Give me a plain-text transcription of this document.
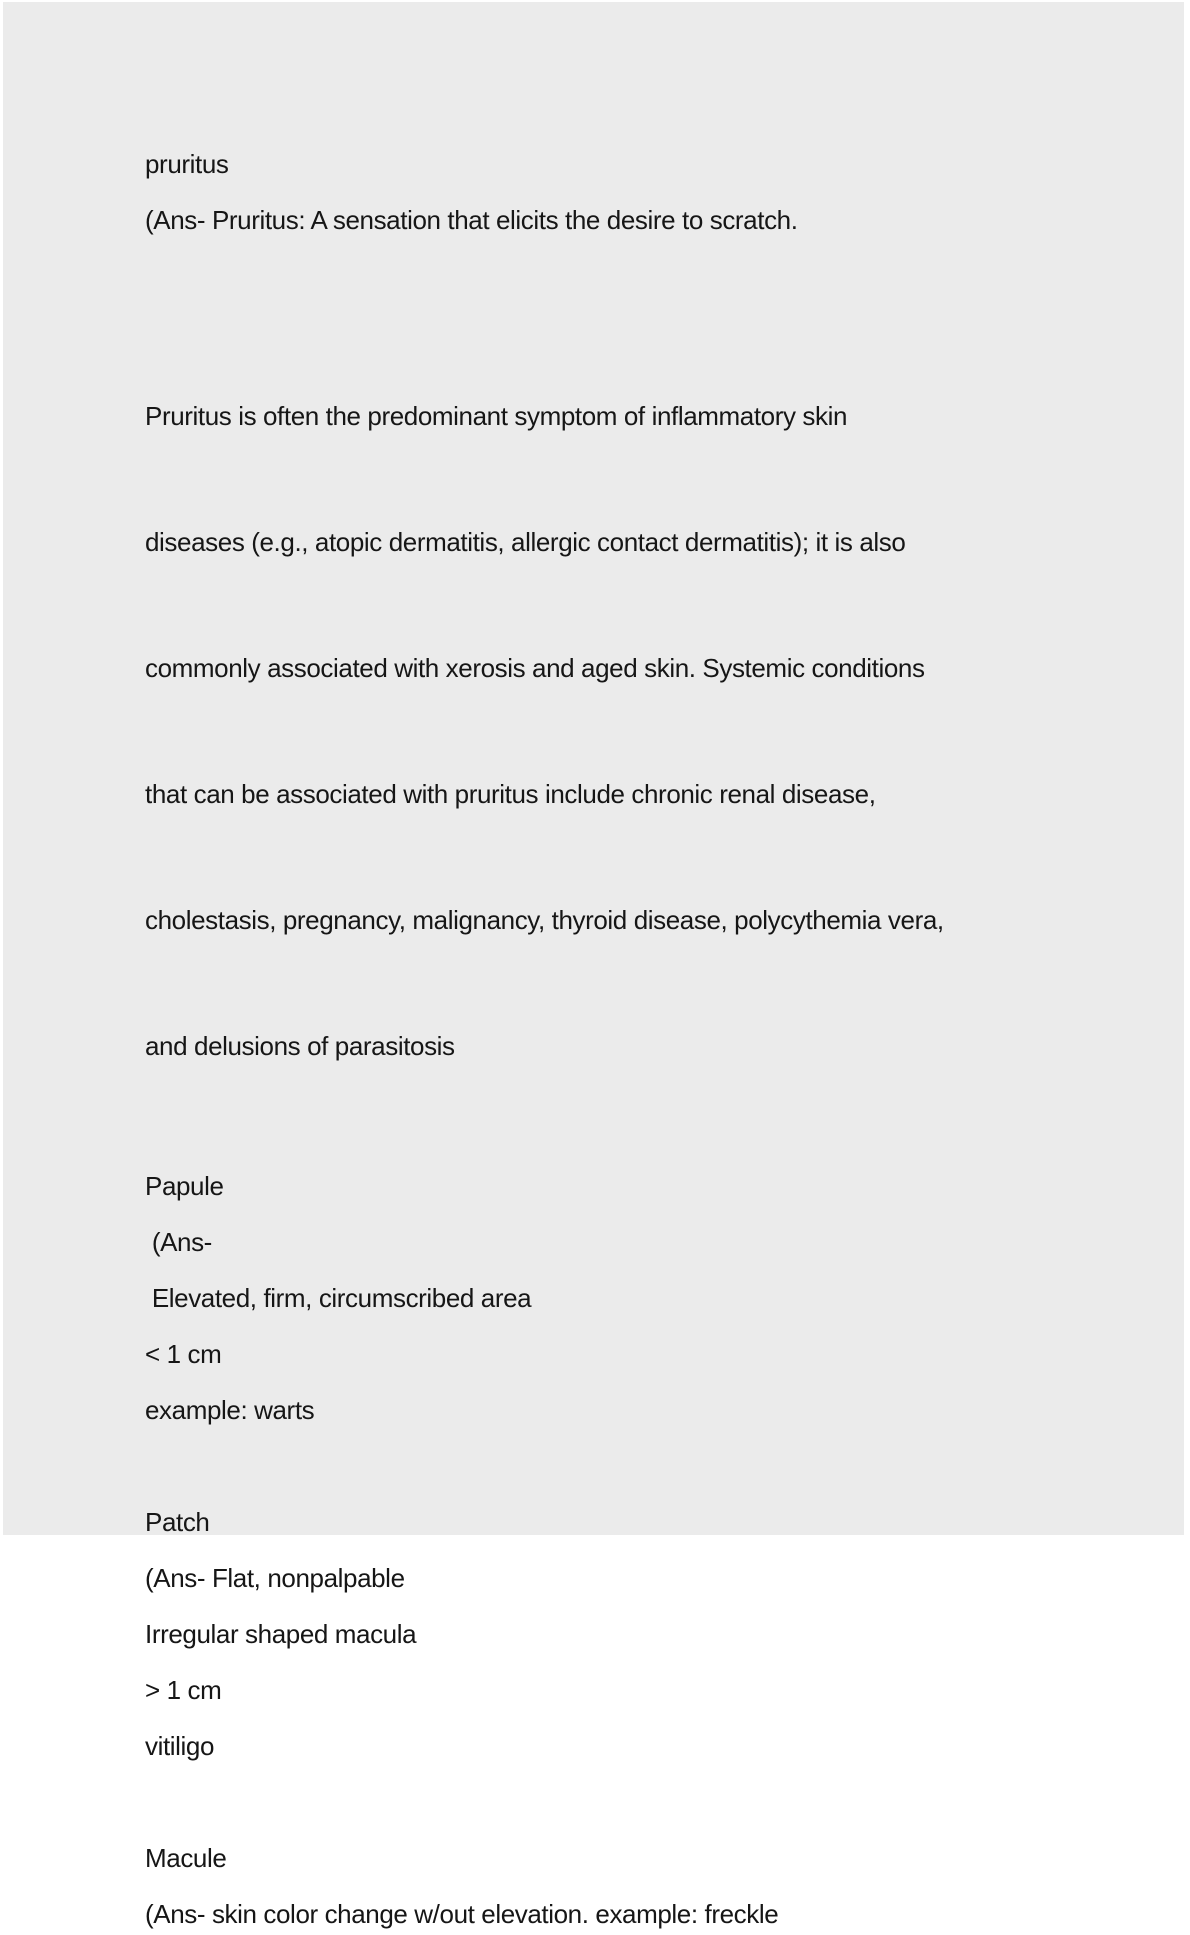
pruritus

(Ans- Pruritus: A sensation that elicits the desire to scratch.

Pruritus is often the predominant symptom of inflammatory skin

diseases (e.g., atopic dermatitis, allergic contact dermatitis); it is also

commonly associated with xerosis and aged skin. Systemic conditions

that can be associated with pruritus include chronic renal disease,

cholestasis, pregnancy, malignancy, thyroid disease, polycythemia vera,

and delusions of parasitosis

Papule

(Ans-

Elevated, firm, circumscribed area

< 1 cm

example: warts

Patch

(Ans- Flat, nonpalpable

Irregular shaped macula

> 1 cm

vitiligo

Macule

(Ans- skin color change w/out elevation. example: freckle
